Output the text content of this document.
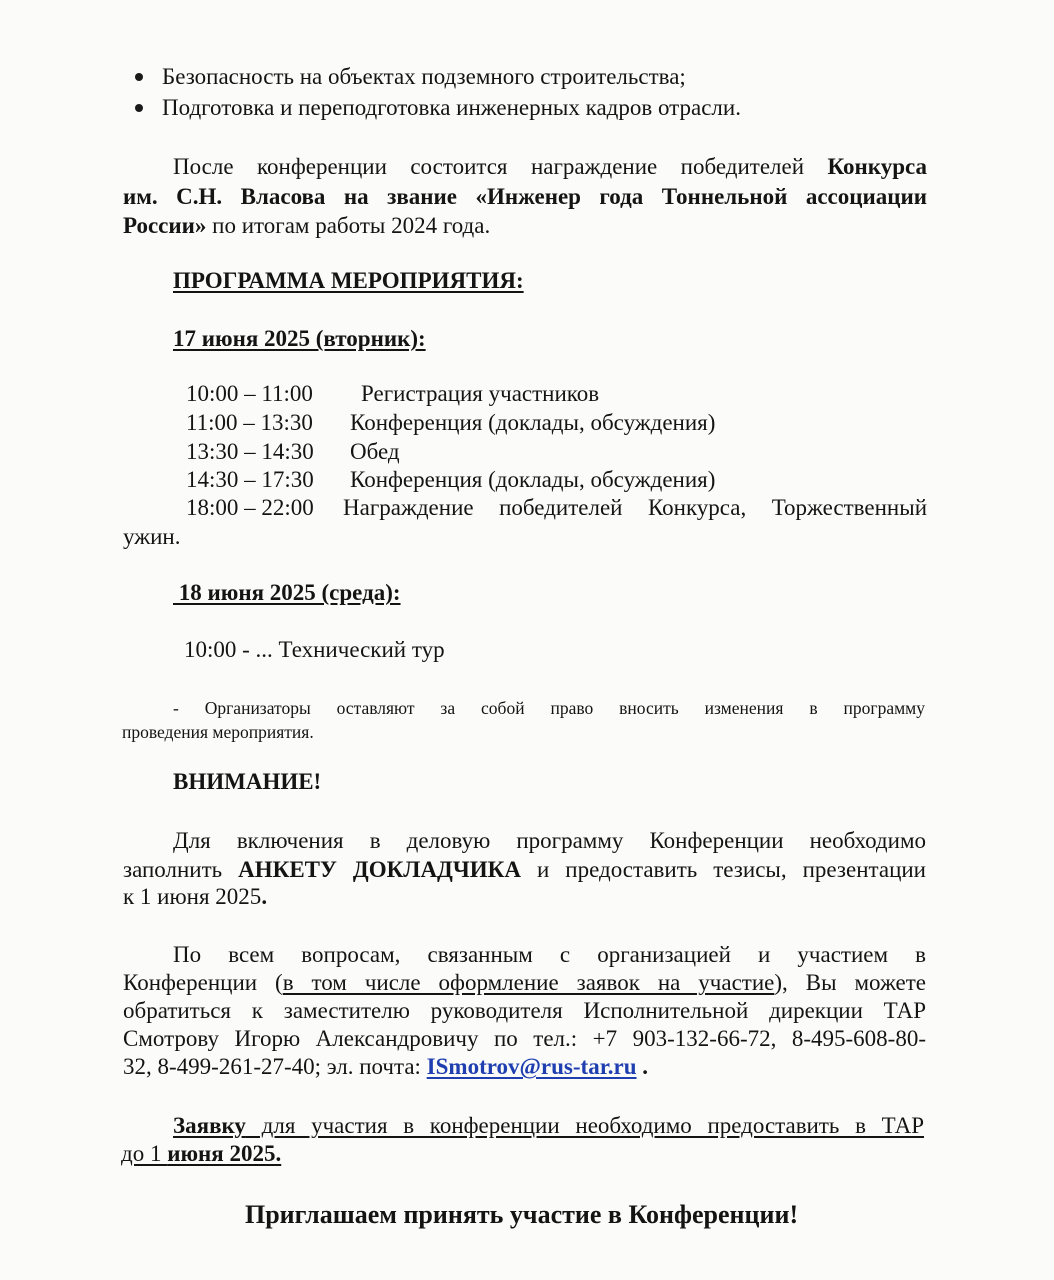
Безопасность на объектах подземного строительства;
Подготовка и переподготовка инженерных кадров отрасли.
После конференции состоится награждение победителей Конкурса
им. С.Н. Власова на звание «Инженер года Тоннельной ассоциации
России» по итогам работы 2024 года.
ПРОГРАММА МЕРОПРИЯТИЯ:
17 июня 2025 (вторник):
10:00 – 11:00 Регистрация участников
11:00 – 13:30 Конференция (доклады, обсуждения)
13:30 – 14:30 Обед
14:30 – 17:30 Конференция (доклады, обсуждения)
18:00 – 22:00 Награждение победителей Конкурса, Торжественный
ужин.
18 июня 2025 (среда):
10:00 - ... Технический тур
- Организаторы оставляют за собой право вносить изменения в программу
проведения мероприятия.
ВНИМАНИЕ!
Для включения в деловую программу Конференции необходимо
заполнить АНКЕТУ ДОКЛАДЧИКА и предоставить тезисы, презентации
к 1 июня 2025.
По всем вопросам, связанным с организацией и участием в
Конференции (в том числе оформление заявок на участие), Вы можете
обратиться к заместителю руководителя Исполнительной дирекции ТАР
Смотрову Игорю Александровичу по тел.: +7 903-132-66-72, 8-495-608-80-
32, 8-499-261-27-40; эл. почта: ISmotrov@rus-tar.ru .
Заявку для участия в конференции необходимо предоставить в ТАР
до 1 июня 2025.
Приглашаем принять участие в Конференции!
